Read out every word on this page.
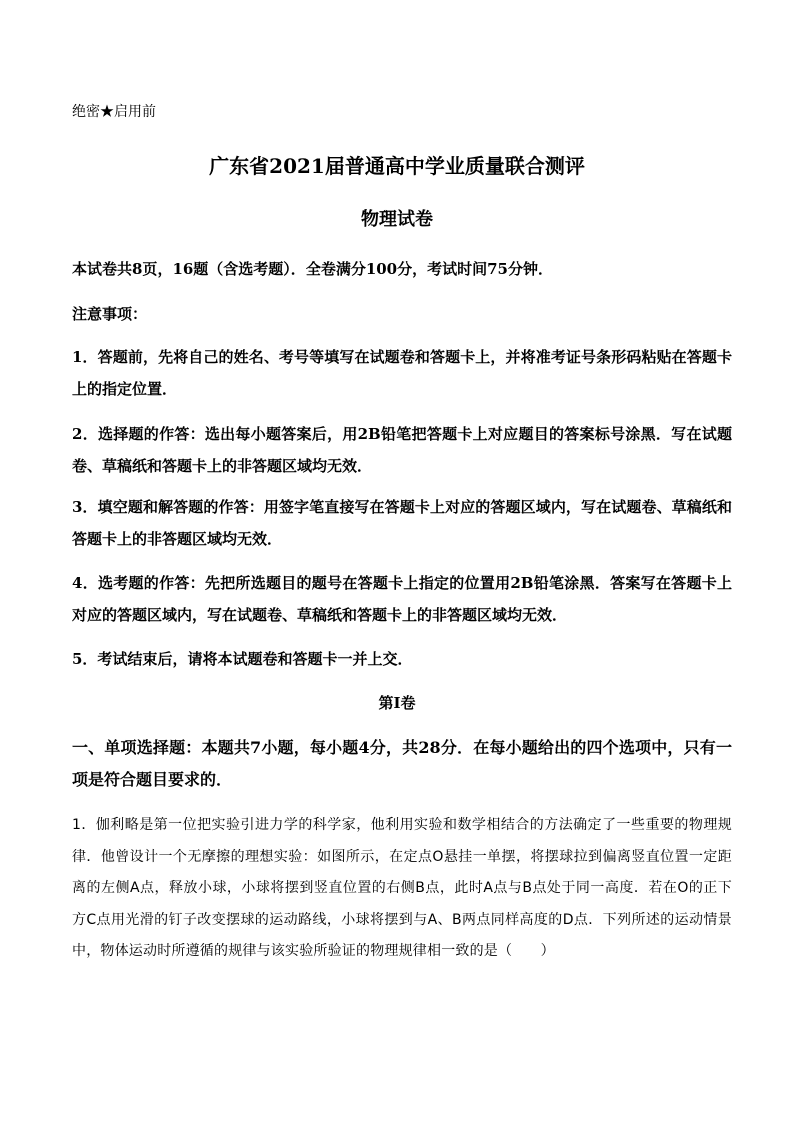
绝密★启用前
广东省2021届普通高中学业质量联合测评
物理试卷
本试卷共8页，16题（含选考题）．全卷满分100分，考试时间75分钟．
注意事项：
1．答题前，先将自己的姓名、考号等填写在试题卷和答题卡上，并将准考证号条形码粘贴在答题卡上的指定位置．
2．选择题的作答：选出每小题答案后，用2B铅笔把答题卡上对应题目的答案标号涂黑．写在试题卷、草稿纸和答题卡上的非答题区域均无效．
3．填空题和解答题的作答：用签字笔直接写在答题卡上对应的答题区域内，写在试题卷、草稿纸和答题卡上的非答题区域均无效．
4．选考题的作答：先把所选题目的题号在答题卡上指定的位置用2B铅笔涂黑．答案写在答题卡上对应的答题区域内，写在试题卷、草稿纸和答题卡上的非答题区域均无效．
5．考试结束后，请将本试题卷和答题卡一并上交．
第Ⅰ卷
一、单项选择题：本题共7小题，每小题4分，共28分．在每小题给出的四个选项中，只有一项是符合题目要求的．
1．伽利略是第一位把实验引进力学的科学家，他利用实验和数学相结合的方法确定了一些重要的物理规律．他曾设计一个无摩擦的理想实验：如图所示，在定点O悬挂一单摆，将摆球拉到偏离竖直位置一定距离的左侧A点，释放小球，小球将摆到竖直位置的右侧B点，此时A点与B点处于同一高度．若在O的正下方C点用光滑的钉子改变摆球的运动路线，小球将摆到与A、B两点同样高度的D点．下列所述的运动情景中，物体运动时所遵循的规律与该实验所验证的物理规律相一致的是（　　）
